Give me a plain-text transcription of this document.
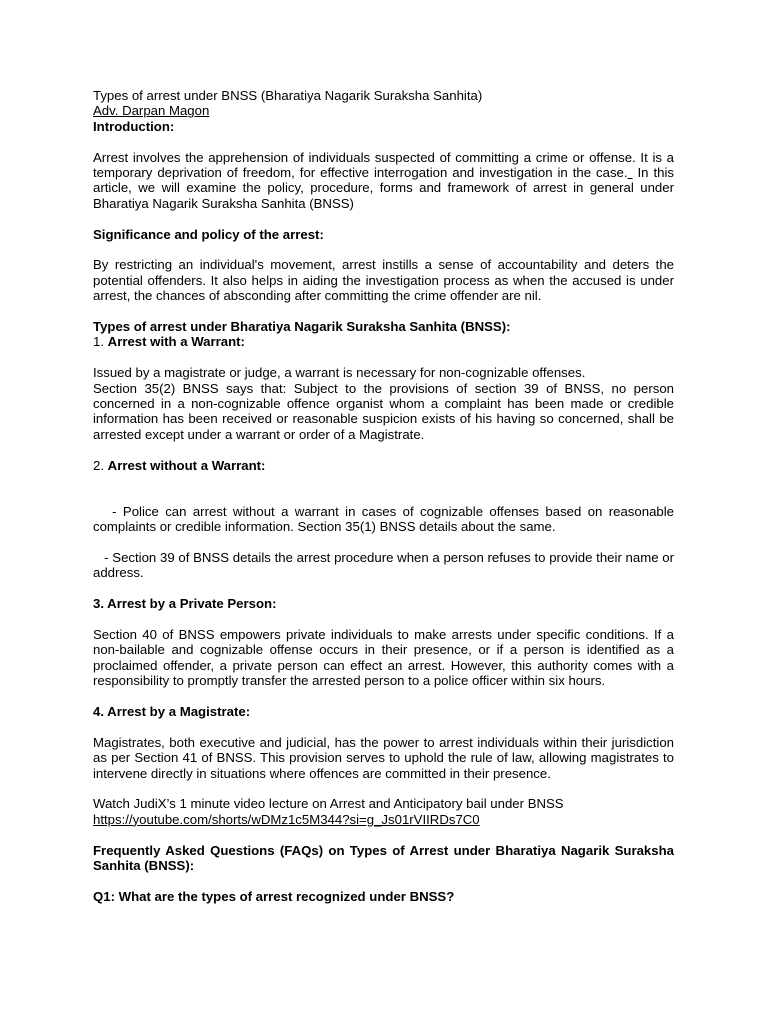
Types of arrest under BNSS (Bharatiya Nagarik Suraksha Sanhita)

Adv. Darpan Magon

Introduction:

Arrest involves the apprehension of individuals suspected of committing a crime or offense. It is a temporary deprivation of freedom, for effective interrogation and investigation in the case. In this article, we will examine the policy, procedure, forms and framework of arrest in general under Bharatiya Nagarik Suraksha Sanhita (BNSS)

Significance and policy of the arrest:

By restricting an individual's movement, arrest instills a sense of accountability and deters the potential offenders. It also helps in aiding the investigation process as when the accused is under arrest, the chances of absconding after committing the crime offender are nil.

Types of arrest under Bharatiya Nagarik Suraksha Sanhita (BNSS):

1. Arrest with a Warrant:

Issued by a magistrate or judge, a warrant is necessary for non-cognizable offenses.

Section 35(2) BNSS says that: Subject to the provisions of section 39 of BNSS, no person concerned in a non-cognizable offence organist whom a complaint has been made or credible information has been received or reasonable suspicion exists of his having so concerned, shall be arrested except under a warrant or order of a Magistrate.

2. Arrest without a Warrant:

- Police can arrest without a warrant in cases of cognizable offenses based on reasonable complaints or credible information. Section 35(1) BNSS details about the same.

- Section 39 of BNSS details the arrest procedure when a person refuses to provide their name or address.

3. Arrest by a Private Person:

Section 40 of BNSS empowers private individuals to make arrests under specific conditions. If a non-bailable and cognizable offense occurs in their presence, or if a person is identified as a proclaimed offender, a private person can effect an arrest. However, this authority comes with a responsibility to promptly transfer the arrested person to a police officer within six hours.

4. Arrest by a Magistrate:

Magistrates, both executive and judicial, has the power to arrest individuals within their jurisdiction as per Section 41 of BNSS. This provision serves to uphold the rule of law, allowing magistrates to intervene directly in situations where offences are committed in their presence.

Watch JudiX’s 1 minute video lecture on Arrest and Anticipatory bail under BNSS

https://youtube.com/shorts/wDMz1c5M344?si=g_Js01rVIIRDs7C0

Frequently Asked Questions (FAQs) on Types of Arrest under Bharatiya Nagarik Suraksha Sanhita (BNSS):

Q1: What are the types of arrest recognized under BNSS?
